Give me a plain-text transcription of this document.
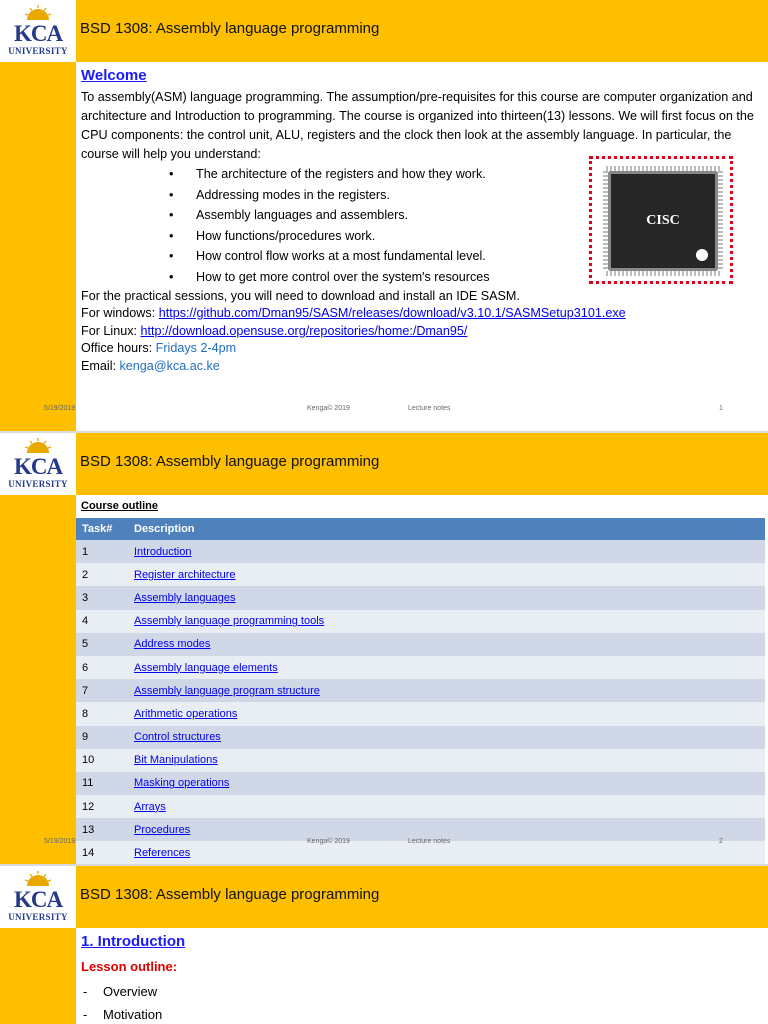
KCA
UNIVERSITY
BSD 1308: Assembly language programming
Welcome

To assembly(ASM) language programming. The assumption/pre-requisites for this course are computer organization and architecture and Introduction to programming. The course is organized into thirteen(13) lessons. We will first focus on the CPU components: the control unit, ALU, registers and the clock then look at the assembly language. In particular, the course will help you understand:

• The architecture of the registers and how they work.
• Addressing modes in the registers.
• Assembly languages and assemblers.
• How functions/procedures work.
• How control flow works at a most fundamental level.
• How to get more control over the system's resources

For the practical sessions, you will need to download and install an IDE SASM.

For windows: https://github.com/Dman95/SASM/releases/download/v3.10.1/SASMSetup3101.exe

For Linux: http://download.opensuse.org/repositories/home:/Dman95/

Office hours: Fridays 2-4pm

Email: kenga@kca.ac.ke

CISC
5/19/2019	Kenga© 2019	Lecture notes	1
KCA
UNIVERSITY
BSD 1308: Assembly language programming
Course outline
Task#	Description
1	Introduction
2	Register architecture
3	Assembly languages
4	Assembly language programming tools
5	Address modes
6	Assembly language elements
7	Assembly language program structure
8	Arithmetic operations
9	Control structures
10	Bit Manipulations
11	Masking operations
12	Arrays
13	Procedures
14	References
5/19/2019	Kenga© 2019	Lecture notes	2
KCA
UNIVERSITY
BSD 1308: Assembly language programming
1. Introduction
Lesson outline:
- Overview
- Motivation
